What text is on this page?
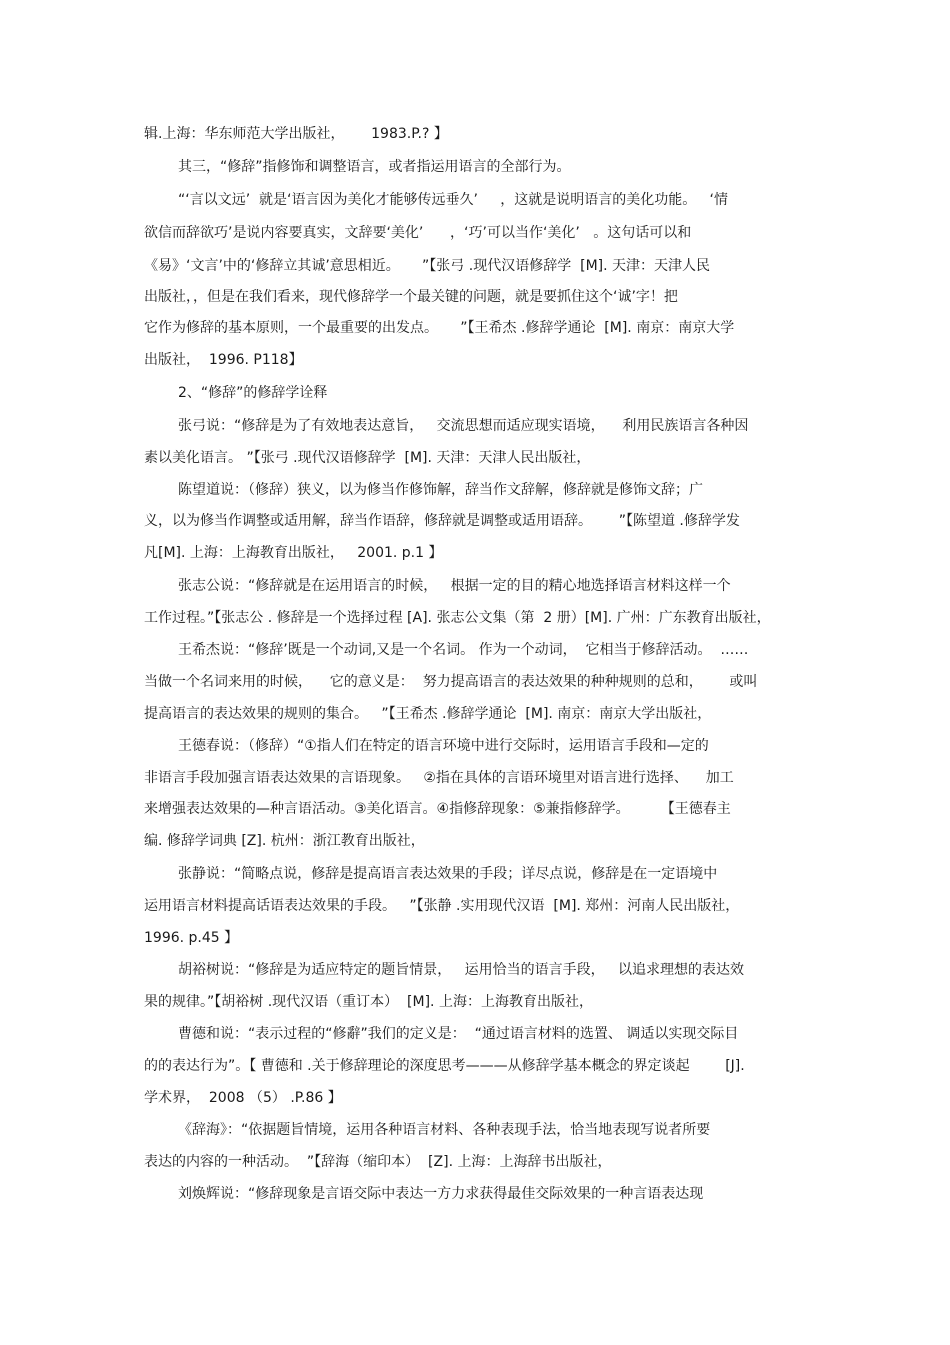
辑.上海：华东师范大学出版社，      1983.P.? 】
其三，“修辞”指修饰和调整语言，或者指运用语言的全部行为。
“‘言以文远’  就是‘语言因为美化才能够传远垂久’     ，这就是说明语言的美化功能。   ‘情
欲信而辞欲巧’是说内容要真实，文辞要‘美化’      ，‘巧’可以当作‘美化’   。这句话可以和
《易》‘文言’中的‘修辞立其诚’意思相近。     ”【张弓 .现代汉语修辞学  [M]. 天津：天津人民
出版社，，但是在我们看来，现代修辞学一个最关键的问题，就是要抓住这个‘诚’字！把
它作为修辞的基本原则，一个最重要的出发点。     ”【王希杰 .修辞学通论  [M]. 南京：南京大学
出版社，  1996. P118】
2、“修辞”的修辞学诠释
张弓说：“修辞是为了有效地表达意旨，   交流思想而适应现实语境，    利用民族语言各种因
素以美化语言。 ”【张弓 .现代汉语修辞学  [M]. 天津：天津人民出版社，
陈望道说：（修辞）狭义，以为修当作修饰解，辞当作文辞解，修辞就是修饰文辞；广
义，以为修当作调整或适用解，辞当作语辞，修辞就是调整或适用语辞。      ”【陈望道 .修辞学发
凡[M]. 上海：上海教育出版社，   2001. p.1 】
张志公说：“修辞就是在运用语言的时候，   根据一定的目的精心地选择语言材料这样一个
工作过程。”【张志公 . 修辞是一个选择过程 [A]. 张志公文集（第  2 册）[M]. 广州：广东教育出版社，
王希杰说：“修辞’既是一个动词,又是一个名词。 作为一个动词，  它相当于修辞活动。  ……
当做一个名词来用的时候，    它的意义是：  努力提高语言的表达效果的种种规则的总和，      或叫
提高语言的表达效果的规则的集合。   ”【王希杰 .修辞学通论  [M]. 南京：南京大学出版社，
王德春说：（修辞）“①指人们在特定的语言环境中进行交际时，运用语言手段和—定的
非语言手段加强言语表达效果的言语现象。   ②指在具体的言语环境里对语言进行选择、    加工
来增强表达效果的—种言语活动。③美化语言。④指修辞现象：⑤兼指修辞学。       【王德春主
编. 修辞学词典 [Z]. 杭州：浙江教育出版社，
张静说：“简略点说，修辞是提高语言表达效果的手段；详尽点说，修辞是在一定语境中
运用语言材料提高话语表达效果的手段。   ”【张静 .实用现代汉语  [M]. 郑州：河南人民出版社，
1996. p.45 】
胡裕树说：“修辞是为适应特定的题旨情景，   运用恰当的语言手段，   以追求理想的表达效
果的规律。”【胡裕树 .现代汉语（重订本）  [M]. 上海：上海教育出版社，
曹德和说：“表示过程的“修辭”我们的定义是：  “通过语言材料的选置、 调适以实现交际目
的的表达行为”。【 曹德和 .关于修辞理论的深度思考———从修辞学基本概念的界定谈起        [J].
学术界，  2008 （5） .P.86 】
《辞海》：“依据题旨情境，运用各种语言材料、各种表现手法，恰当地表现写说者所要
表达的内容的一种活动。  ”【辞海（缩印本）  [Z]. 上海：上海辞书出版社，
刘焕辉说：“修辞现象是言语交际中表达一方力求获得最佳交际效果的一种言语表达现
